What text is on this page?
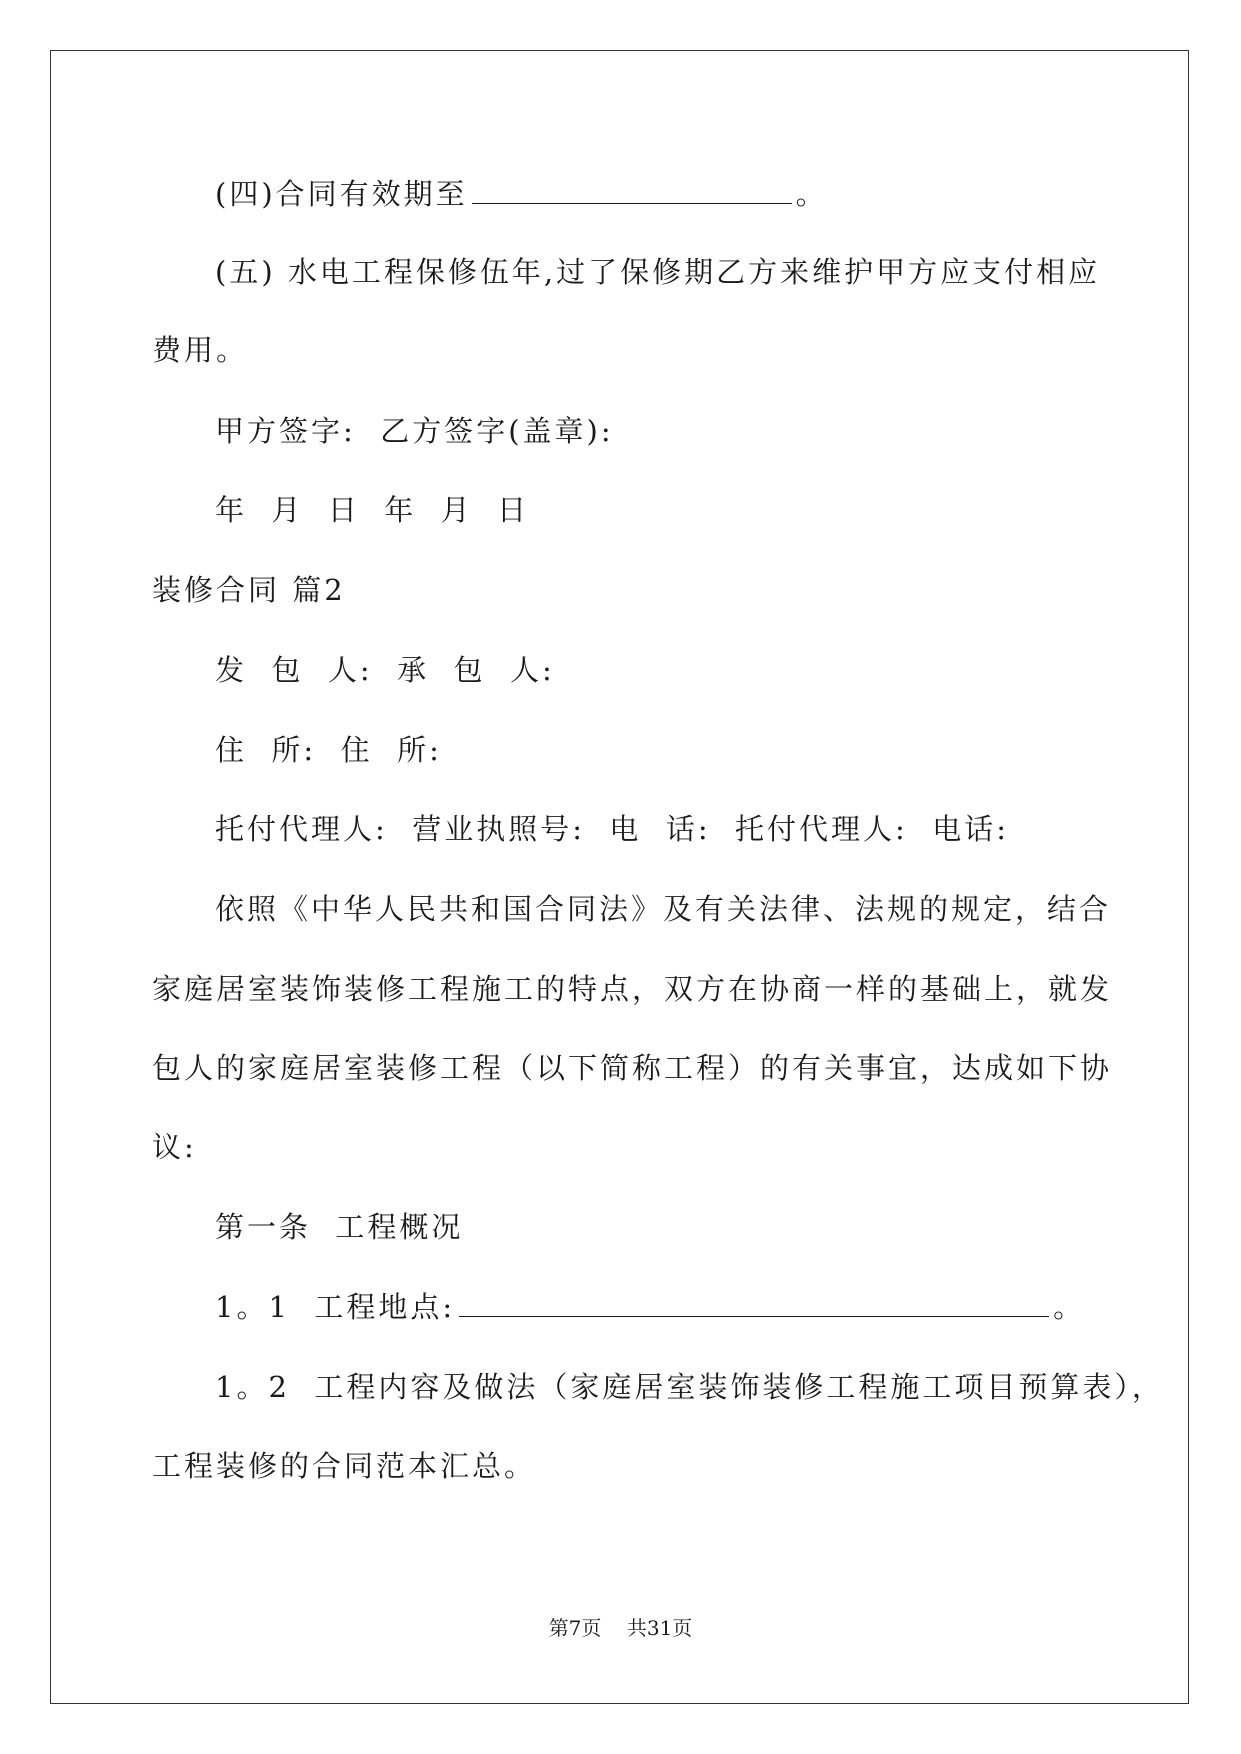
(四)合同有效期至	。
(五) 水电工程保修伍年,过了保修期乙方来维护甲方应支付相应
费用。
甲方签字:  乙方签字(盖章):
年  月  日  年  月  日
装修合同 篇2
发  包  人:  承  包  人:
住  所:  住  所:
托付代理人:  营业执照号:  电  话:  托付代理人:  电话:
依照《中华人民共和国合同法》及有关法律、法规的规定，结合
家庭居室装饰装修工程施工的特点，双方在协商一样的基础上，就发
包人的家庭居室装修工程（以下简称工程）的有关事宜，达成如下协
议:
第一条  工程概况
1。1  工程地点:	。
1。2  工程内容及做法（家庭居室装饰装修工程施工项目预算表），
工程装修的合同范本汇总。
第7页    共31页
